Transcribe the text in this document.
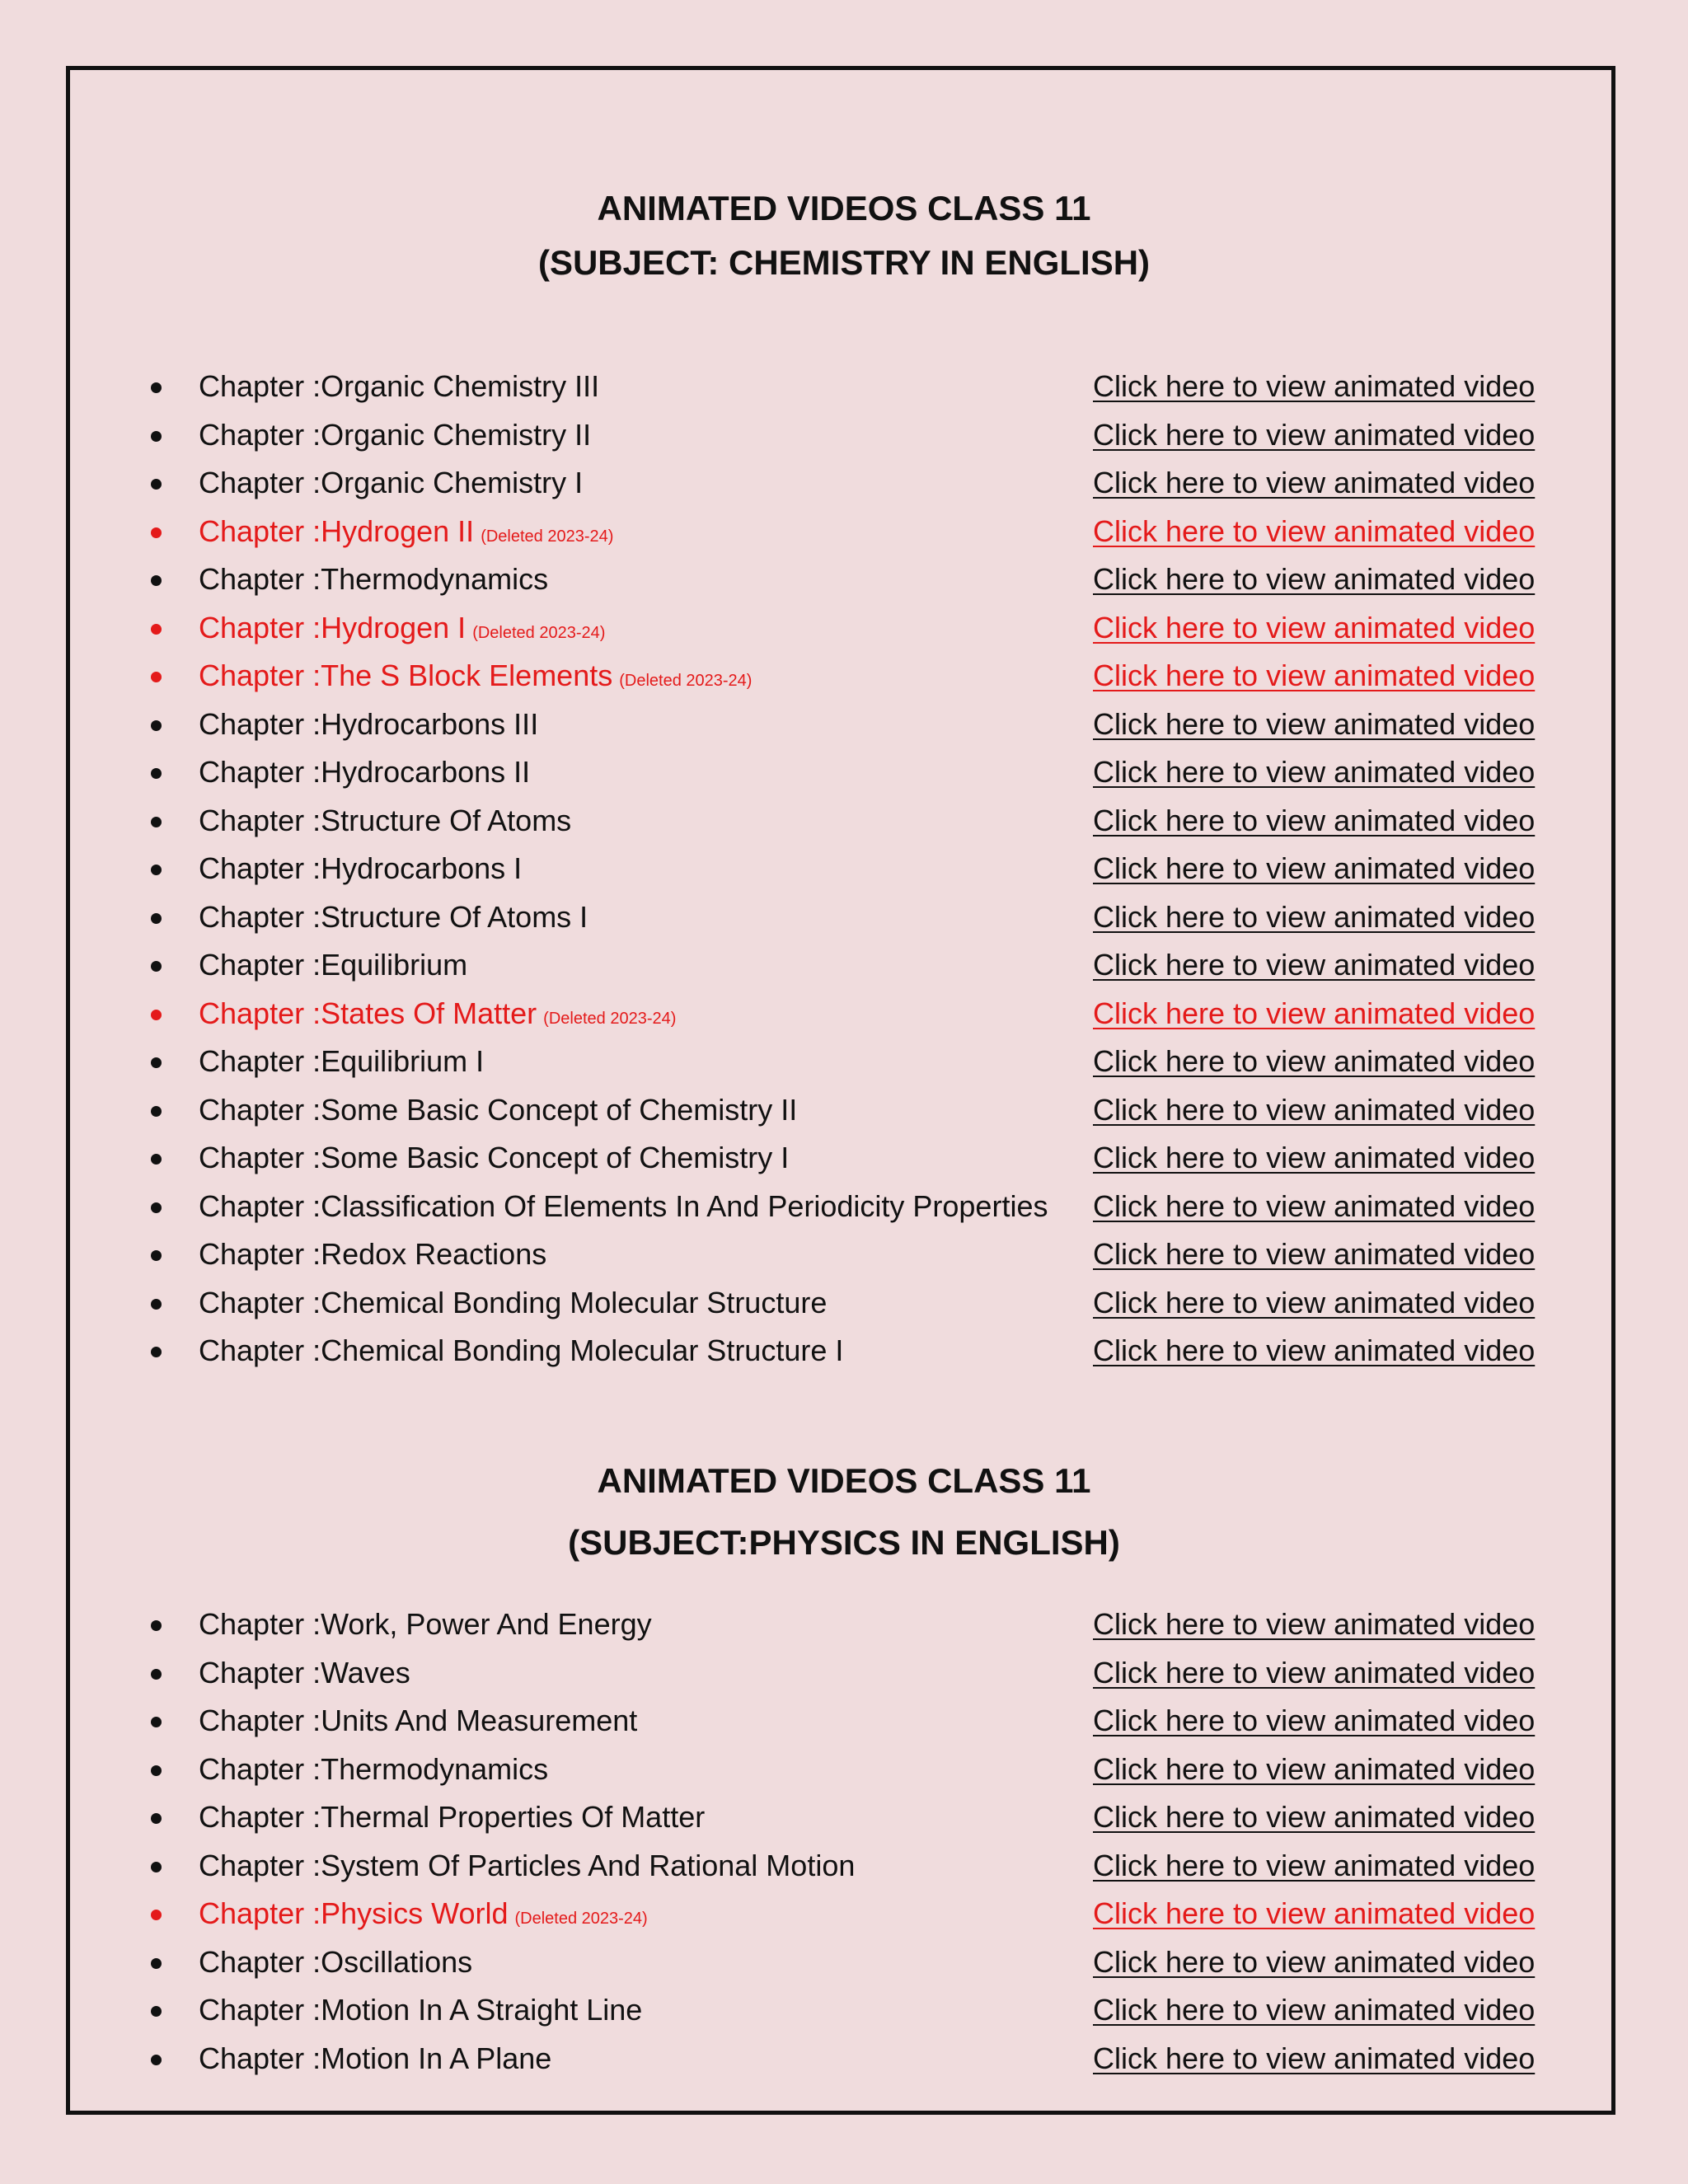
ANIMATED VIDEOS CLASS 11
(SUBJECT: CHEMISTRY IN ENGLISH)
Chapter :Organic Chemistry III	Click here to view animated video
Chapter :Organic Chemistry II	Click here to view animated video
Chapter :Organic Chemistry I	Click here to view animated video
Chapter :Hydrogen II (Deleted 2023-24)	Click here to view animated video
Chapter :Thermodynamics	Click here to view animated video
Chapter :Hydrogen I (Deleted 2023-24)	Click here to view animated video
Chapter :The S Block Elements (Deleted 2023-24)	Click here to view animated video
Chapter :Hydrocarbons III	Click here to view animated video
Chapter :Hydrocarbons II	Click here to view animated video
Chapter :Structure Of Atoms	Click here to view animated video
Chapter :Hydrocarbons I	Click here to view animated video
Chapter :Structure Of Atoms I	Click here to view animated video
Chapter :Equilibrium	Click here to view animated video
Chapter :States Of Matter (Deleted 2023-24)	Click here to view animated video
Chapter :Equilibrium I	Click here to view animated video
Chapter :Some Basic Concept of Chemistry II	Click here to view animated video
Chapter :Some Basic Concept of Chemistry I	Click here to view animated video
Chapter :Classification Of Elements In And Periodicity Properties Click here to view animated video
Chapter :Redox Reactions	Click here to view animated video
Chapter :Chemical Bonding Molecular Structure	Click here to view animated video
Chapter :Chemical Bonding Molecular Structure I	Click here to view animated video
ANIMATED VIDEOS CLASS 11
(SUBJECT:PHYSICS IN ENGLISH)
Chapter :Work, Power And Energy	Click here to view animated video
Chapter :Waves	Click here to view animated video
Chapter :Units And Measurement	Click here to view animated video
Chapter :Thermodynamics	Click here to view animated video
Chapter :Thermal Properties Of Matter	Click here to view animated video
Chapter :System Of Particles And Rational Motion	Click here to view animated video
Chapter :Physics World (Deleted 2023-24)	Click here to view animated video
Chapter :Oscillations	Click here to view animated video
Chapter :Motion In A Straight Line	Click here to view animated video
Chapter :Motion In A Plane	Click here to view animated video
